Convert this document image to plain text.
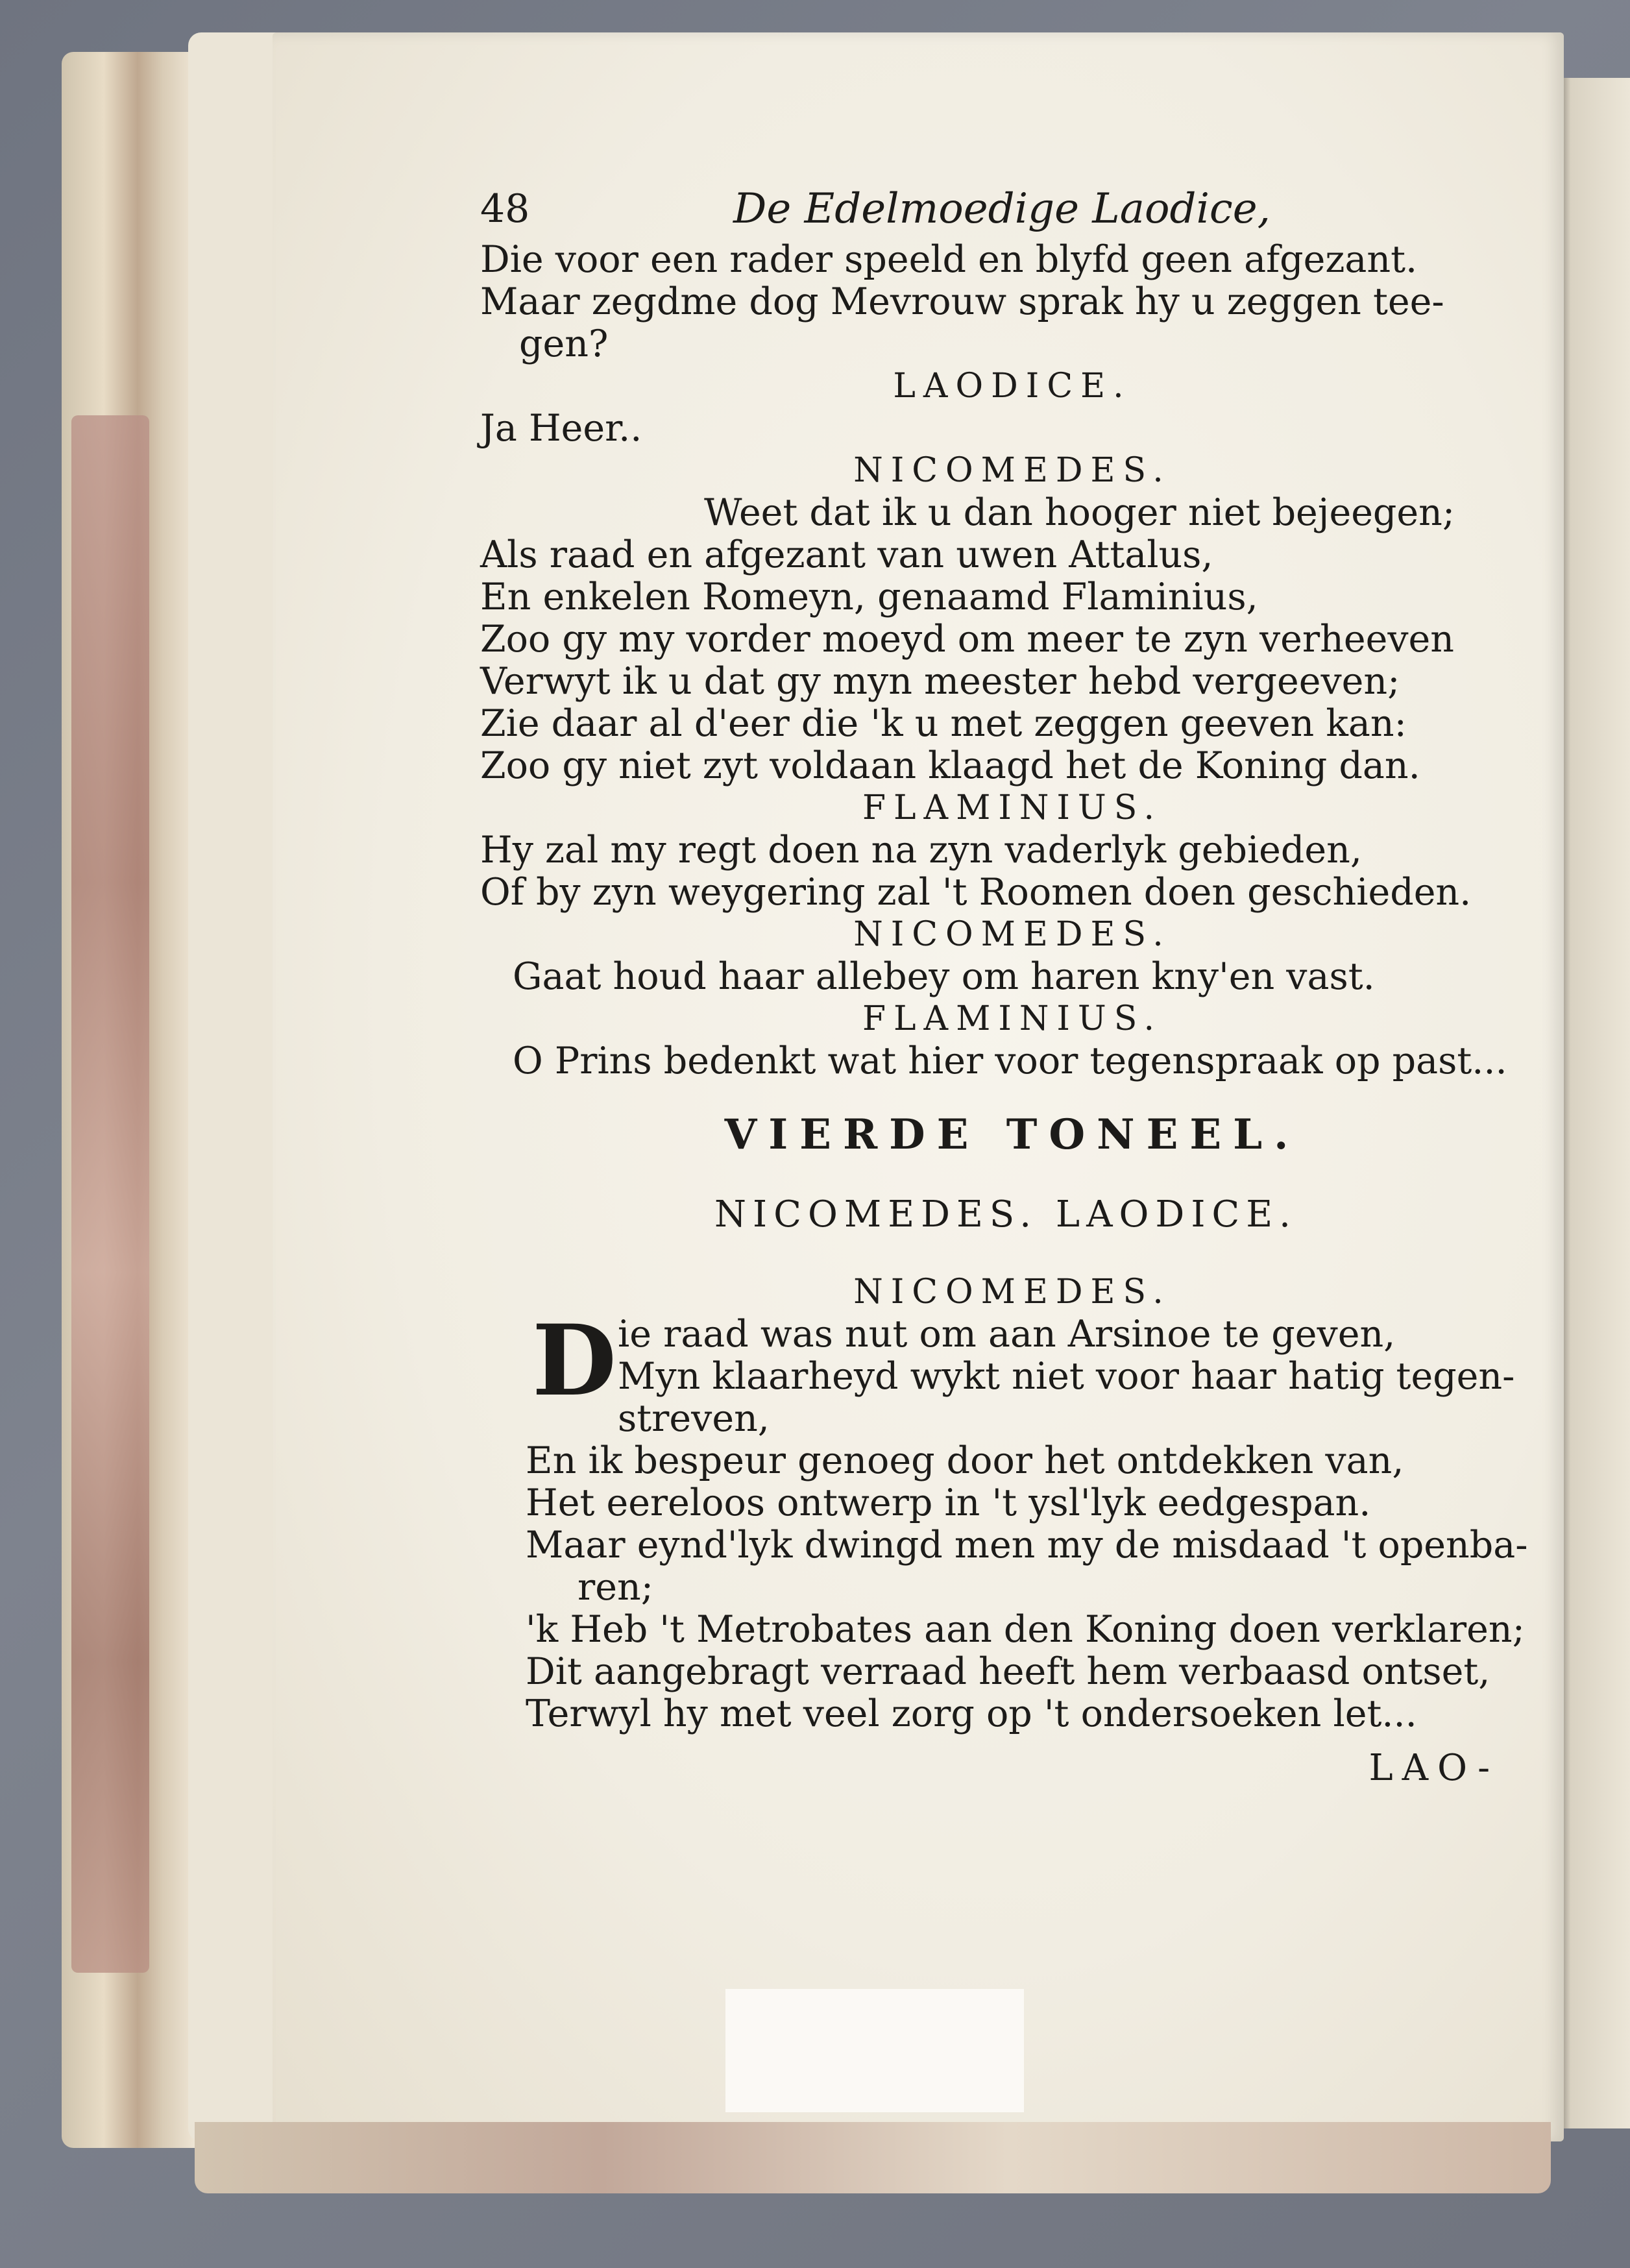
48	De Edelmoedige Laodice,
Die voor een rader speeld en blyfd geen afgezant.
Maar zegdme dog Mevrouw sprak hy u zeggen tee-
gen?
LAODICE.
Ja Heer..
NICOMEDES.
Weet dat ik u dan hooger niet bejeegen;
Als raad en afgezant van uwen Attalus,
En enkelen Romeyn, genaamd Flaminius,
Zoo gy my vorder moeyd om meer te zyn verheeven
Verwyt ik u dat gy myn meester hebd vergeeven;
Zie daar al d'eer die 'k u met zeggen geeven kan:
Zoo gy niet zyt voldaan klaagd het de Koning dan.
FLAMINIUS.
Hy zal my regt doen na zyn vaderlyk gebieden,
Of by zyn weygering zal 't Roomen doen geschieden.
NICOMEDES.
Gaat houd haar allebey om haren kny'en vast.
FLAMINIUS.
O Prins bedenkt wat hier voor tegenspraak op past...
VIERDE TONEEL.
NICOMEDES. LAODICE.
NICOMEDES.
D ie raad was nut om aan Arsinoe te geven,
Myn klaarheyd wykt niet voor haar hatig tegen-
streven,
En ik bespeur genoeg door het ontdekken van,
Het eereloos ontwerp in 't ysl'lyk eedgespan.
Maar eynd'lyk dwingd men my de misdaad 't openba-
ren;
'k Heb 't Metrobates aan den Koning doen verklaren;
Dit aangebragt verraad heeft hem verbaasd ontset,
Terwyl hy met veel zorg op 't ondersoeken let...
LAO-
